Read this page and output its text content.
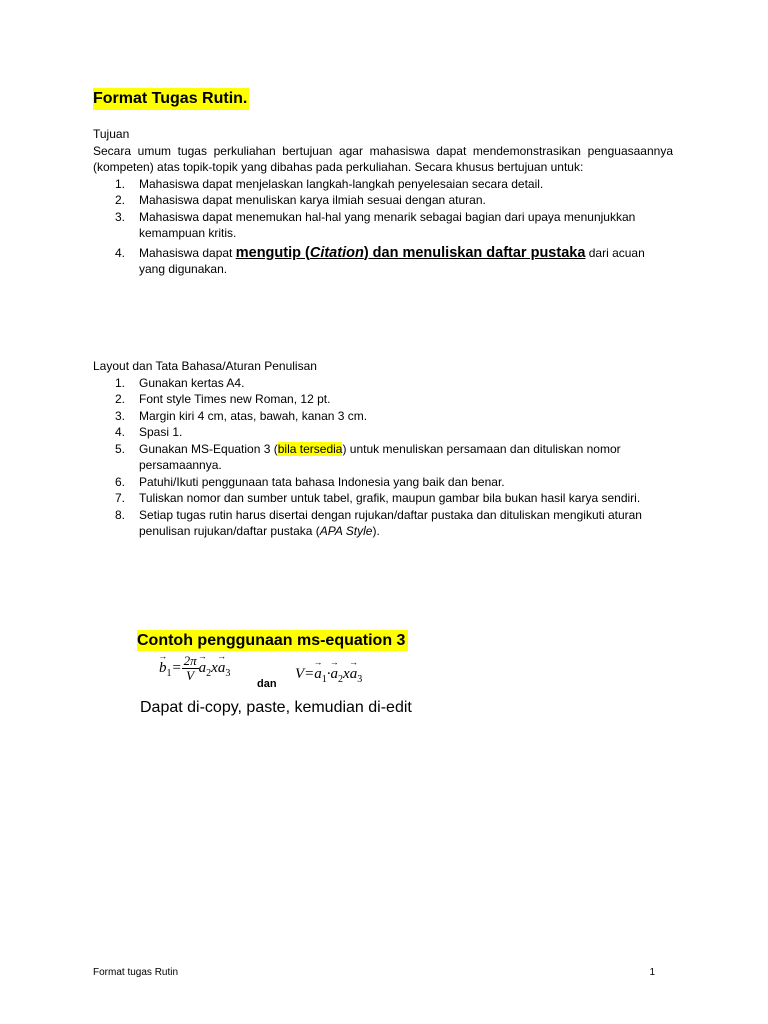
Format Tugas Rutin.

Tujuan

Secara umum tugas perkuliahan bertujuan agar mahasiswa dapat mendemonstrasikan penguasaannya (kompeten) atas topik-topik yang dibahas pada perkuliahan. Secara khusus bertujuan untuk:

1. Mahasiswa dapat menjelaskan langkah-langkah penyelesaian secara detail.
2. Mahasiswa dapat menuliskan karya ilmiah sesuai dengan aturan.
3. Mahasiswa dapat menemukan hal-hal yang menarik sebagai bagian dari upaya menunjukkan kemampuan kritis.
4. Mahasiswa dapat mengutip (Citation) dan menuliskan daftar pustaka dari acuan yang digunakan.

Layout dan Tata Bahasa/Aturan Penulisan

1. Gunakan kertas A4.
2. Font style Times new Roman, 12 pt.
3. Margin kiri 4 cm, atas, bawah, kanan 3 cm.
4. Spasi 1.
5. Gunakan MS-Equation 3 (bila tersedia) untuk menuliskan persamaan dan dituliskan nomor persamaannya.
6. Patuhi/Ikuti penggunaan tata bahasa Indonesia yang baik dan benar.
7. Tuliskan nomor dan sumber untuk tabel, grafik, maupun gambar bila bukan hasil karya sendiri.
8. Setiap tugas rutin harus disertai dengan rujukan/daftar pustaka dan dituliskan mengikuti aturan penulisan rujukan/daftar pustaka (APA Style).
Contoh penggunaan ms-equation 3
→ $b_1= \frac{2\pi}{V}$
→ $a_2x\to a_3$
dan
$V=\to a_1\cdot\to a_2x\to a_3$

Dapat di-copy, paste, kemudian di-edit

Format tugas Rutin	1
